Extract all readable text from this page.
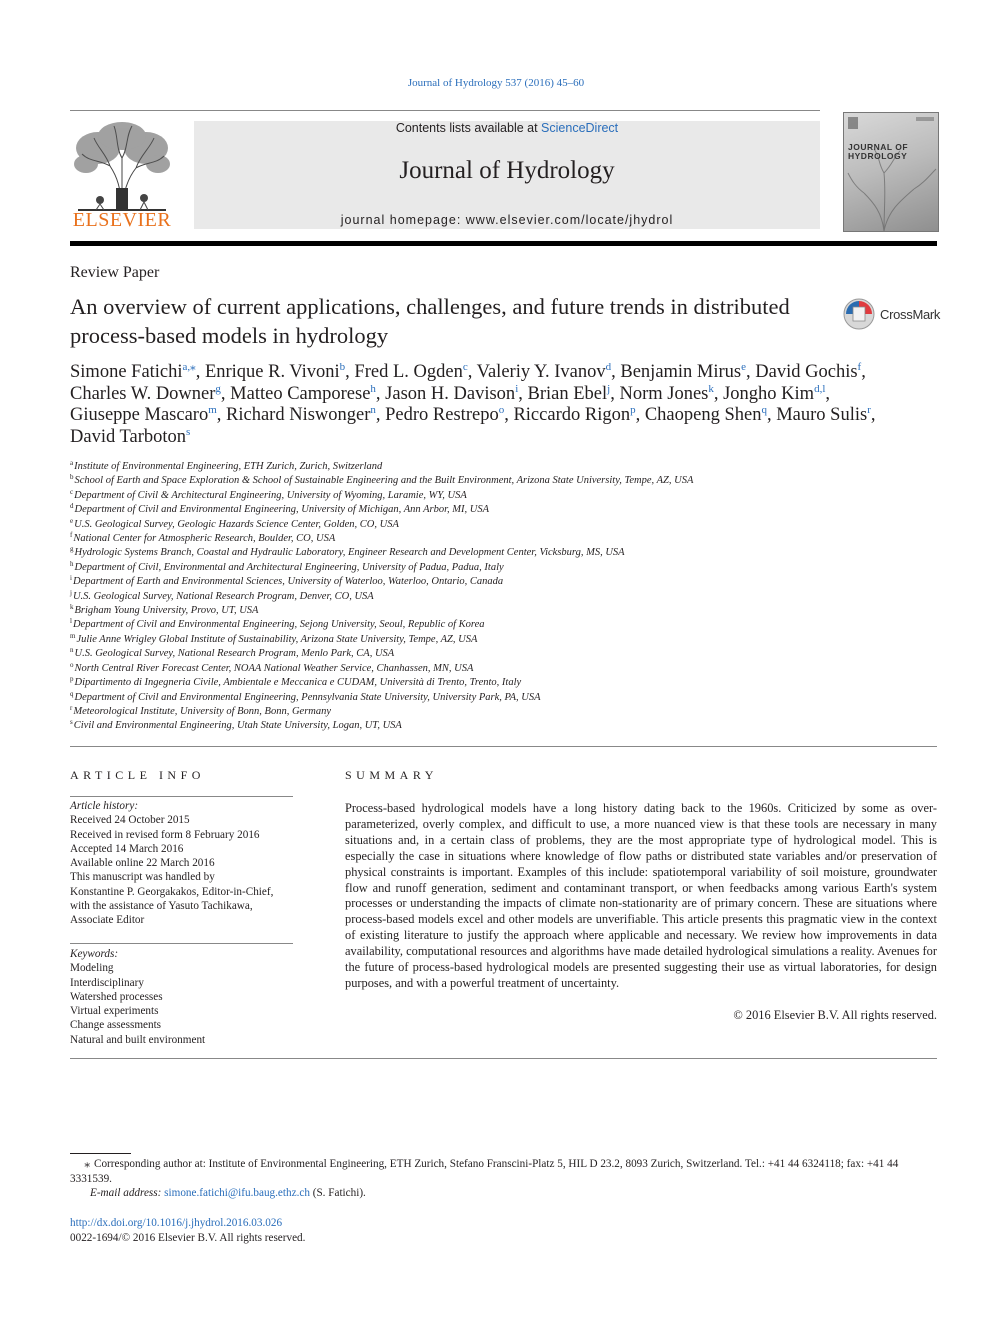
Journal of Hydrology 537 (2016) 45–60
ELSEVIER
Contents lists available at ScienceDirect
Journal of Hydrology
journal homepage: www.elsevier.com/locate/jhydrol
JOURNAL OF HYDROLOGY
Review Paper
An overview of current applications, challenges, and future trends in distributed process-based models in hydrology
CrossMark
Simone Fatichi$^{a,⁎}$, Enrique R. Vivoni$^b$, Fred L. Ogden$^c$, Valeriy Y. Ivanov$^d$, Benjamin Mirus$^e$, David Gochis$^f$, Charles W. Downer$^g$, Matteo Camporese$^h$, Jason H. Davison$^i$, Brian Ebel$^j$, Norm Jones$^k$, Jongho Kim$^{d,l}$, Giuseppe Mascaro$^m$, Richard Niswonger$^n$, Pedro Restrepo$^o$, Riccardo Rigon$^p$, Chaopeng Shen$^q$, Mauro Sulis$^r$, David Tarboton$^s$
$^a$Institute of Environmental Engineering, ETH Zurich, Zurich, Switzerland
$^b$School of Earth and Space Exploration & School of Sustainable Engineering and the Built Environment, Arizona State University, Tempe, AZ, USA
$^c$Department of Civil & Architectural Engineering, University of Wyoming, Laramie, WY, USA
$^d$Department of Civil and Environmental Engineering, University of Michigan, Ann Arbor, MI, USA
$^e$U.S. Geological Survey, Geologic Hazards Science Center, Golden, CO, USA
$^f$National Center for Atmospheric Research, Boulder, CO, USA
$^g$Hydrologic Systems Branch, Coastal and Hydraulic Laboratory, Engineer Research and Development Center, Vicksburg, MS, USA
$^h$Department of Civil, Environmental and Architectural Engineering, University of Padua, Padua, Italy
$^i$Department of Earth and Environmental Sciences, University of Waterloo, Waterloo, Ontario, Canada
$^j$U.S. Geological Survey, National Research Program, Denver, CO, USA
$^k$Brigham Young University, Provo, UT, USA
$^l$Department of Civil and Environmental Engineering, Sejong University, Seoul, Republic of Korea
$^m$Julie Anne Wrigley Global Institute of Sustainability, Arizona State University, Tempe, AZ, USA
$^n$U.S. Geological Survey, National Research Program, Menlo Park, CA, USA
$^o$North Central River Forecast Center, NOAA National Weather Service, Chanhassen, MN, USA
$^p$Dipartimento di Ingegneria Civile, Ambientale e Meccanica e CUDAM, Università di Trento, Trento, Italy
$^q$Department of Civil and Environmental Engineering, Pennsylvania State University, University Park, PA, USA
$^r$Meteorological Institute, University of Bonn, Bonn, Germany
$^s$Civil and Environmental Engineering, Utah State University, Logan, UT, USA
ARTICLE INFO	SUMMARY
Article history:
Received 24 October 2015
Received in revised form 8 February 2016
Accepted 14 March 2016
Available online 22 March 2016
This manuscript was handled by
Konstantine P. Georgakakos, Editor-in-Chief,
with the assistance of Yasuto Tachikawa,
Associate Editor
Keywords:
Modeling
Interdisciplinary
Watershed processes
Virtual experiments
Change assessments
Natural and built environment
Process-based hydrological models have a long history dating back to the 1960s. Criticized by some as over-parameterized, overly complex, and difficult to use, a more nuanced view is that these tools are necessary in many situations and, in a certain class of problems, they are the most appropriate type of hydrological model. This is especially the case in situations where knowledge of flow paths or distributed state variables and/or preservation of physical constraints is important. Examples of this include: spatiotemporal variability of soil moisture, groundwater flow and runoff generation, sediment and contaminant transport, or when feedbacks among various Earth's system processes or understanding the impacts of climate non-stationarity are of primary concern. These are situations where process-based models excel and other models are unverifiable. This article presents this pragmatic view in the context of existing literature to justify the approach where applicable and necessary. We review how improvements in data availability, computational resources and algorithms have made detailed hydrological simulations a reality. Avenues for the future of process-based hydrological models are presented suggesting their use as virtual laboratories, for design purposes, and with a powerful treatment of uncertainty.
© 2016 Elsevier B.V. All rights reserved.
⁎ Corresponding author at: Institute of Environmental Engineering, ETH Zurich, Stefano Franscini-Platz 5, HIL D 23.2, 8093 Zurich, Switzerland. Tel.: +41 44 6324118; fax: +41 44 3331539.
E-mail address: simone.fatichi@ifu.baug.ethz.ch (S. Fatichi).
http://dx.doi.org/10.1016/j.jhydrol.2016.03.026
0022-1694/© 2016 Elsevier B.V. All rights reserved.
